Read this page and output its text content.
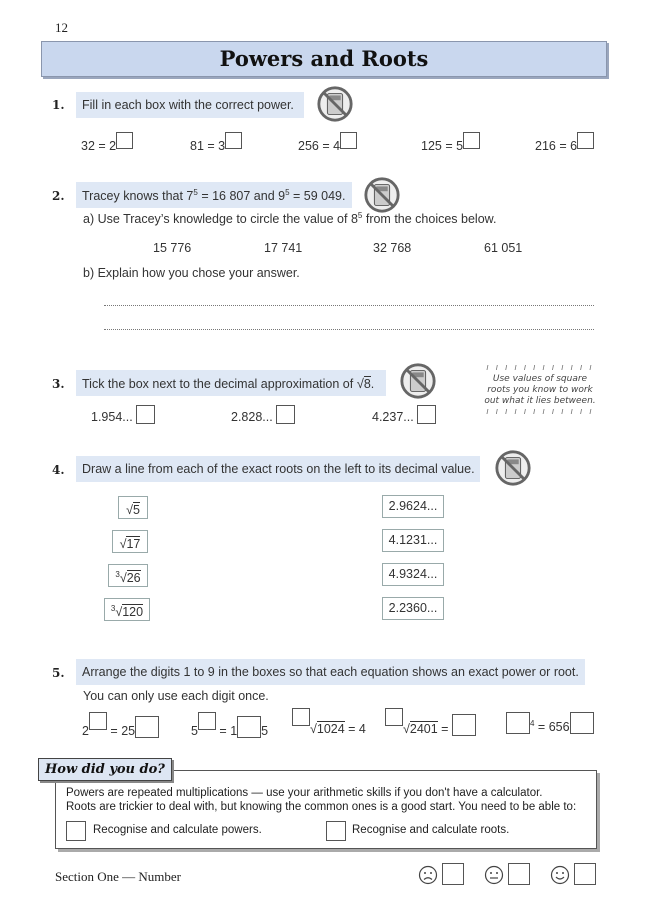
12
Powers and Roots
1.	Fill in each box with the correct power.
32 = 2	81 = 3	256 = 4	125 = 5	216 = 6
2.	Tracey knows that $7^5 = 16$ 807 and $9^5 = 59$ 049.
a) Use Tracey’s knowledge to circle the value of $8^5$ from the choices below.
15 776	17 741	32 768	61 051
b) Explain how you chose your answer.
3.	Tick the box next to the decimal approximation of √8.
ı ı ı ı ı ı ı ı ı ı ı ı
Use values of square
roots you know to work
out what it lies between.
ı ı ı ı ı ı ı ı ı ı ı ı
1.954...	2.828...	4.237...
4.	Draw a line from each of the exact roots on the left to its decimal value.
√5
√17
$^3$√26
$^3$√120
2.9624...
4.1231...
4.9324...
2.2360...
5.	Arrange the digits 1 to 9 in the boxes so that each equation shows an exact power or root.
You can only use each digit once.
2 = 25	5 = 1 5	√1024 = 4	√2401 =	$^4$ = 656
How did you do?
Powers are repeated multiplications — use your arithmetic skills if you don't have a calculator.
Roots are trickier to deal with, but knowing the common ones is a good start. You need to be able to:
Recognise and calculate powers.	Recognise and calculate roots.
Section One — Number
